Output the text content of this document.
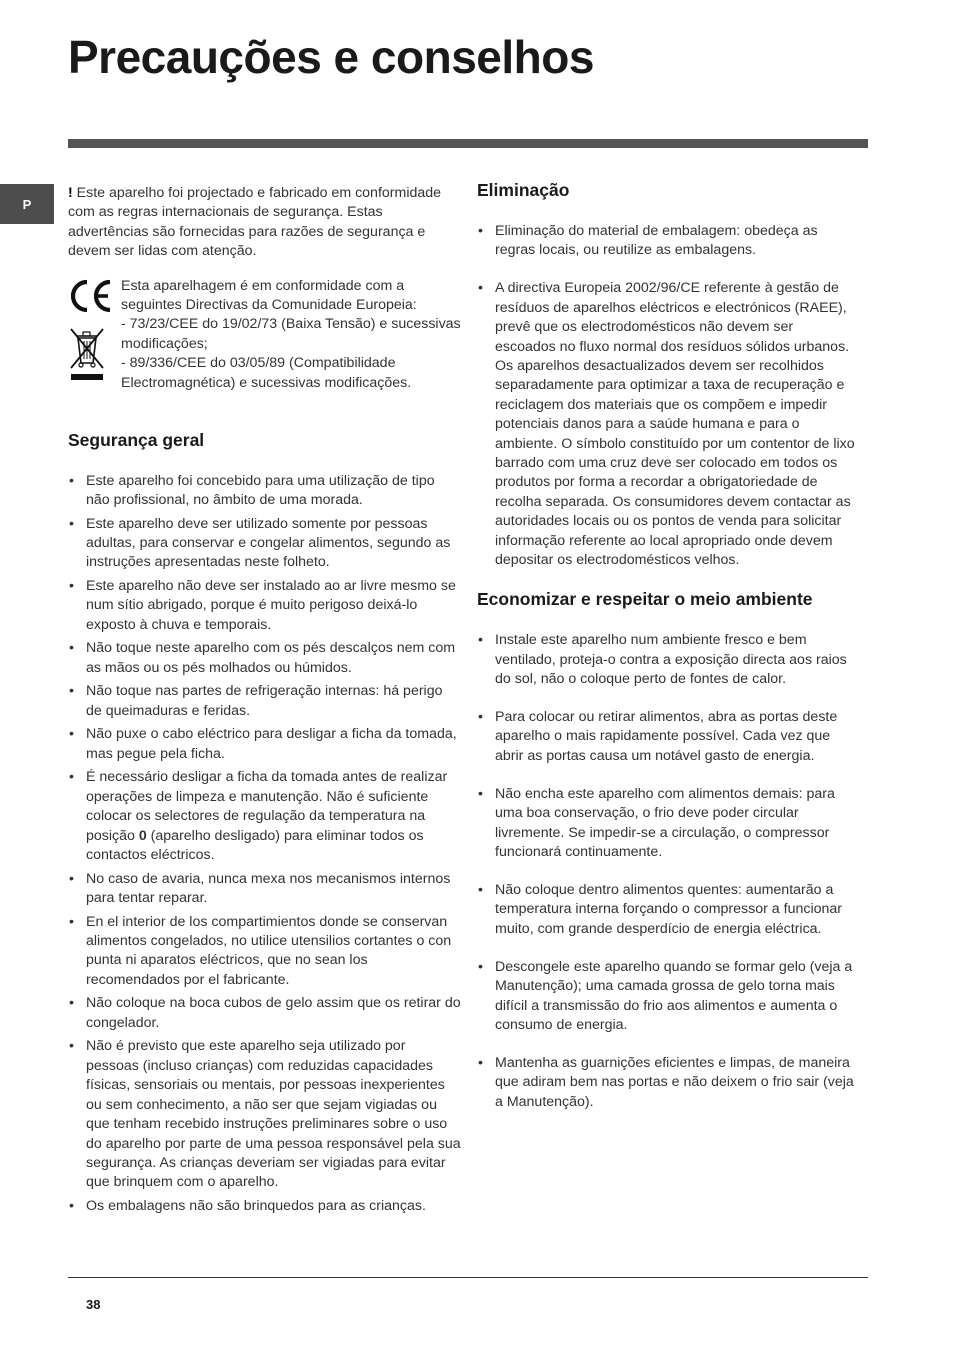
Precauções e conselhos
P

! Este aparelho foi projectado e fabricado em conformidade com as regras internacionais de segurança. Estas advertências são fornecidas para razões de segurança e devem ser lidas com atenção.

Esta aparelhagem é em conformidade com a seguintes Directivas da Comunidade Europeia:

- 73/23/CEE do 19/02/73 (Baixa Tensão) e sucessivas modificações;

- 89/336/CEE do 03/05/89 (Compatibilidade Electromagnética) e sucessivas modificações.

Segurança geral
• Este aparelho foi concebido para uma utilização de tipo não profissional, no âmbito de uma morada.
• Este aparelho deve ser utilizado somente por pessoas adultas, para conservar e congelar alimentos, segundo as instruções apresentadas neste folheto.
• Este aparelho não deve ser instalado ao ar livre mesmo se num sítio abrigado, porque é muito perigoso deixá-lo exposto à chuva e temporais.
• Não toque neste aparelho com os pés descalços nem com as mãos ou os pés molhados ou húmidos.
• Não toque nas partes de refrigeração internas: há perigo de queimaduras e feridas.
• Não puxe o cabo eléctrico para desligar a ficha da tomada, mas pegue pela ficha.
• É necessário desligar a ficha da tomada antes de realizar operações de limpeza e manutenção. Não é suficiente colocar os selectores de regulação da temperatura na posição 0 (aparelho desligado) para eliminar todos os contactos eléctricos.
• No caso de avaria, nunca mexa nos mecanismos internos para tentar reparar.
• En el interior de los compartimientos donde se conservan alimentos congelados, no utilice utensilios cortantes o con punta ni aparatos eléctricos, que no sean los recomendados por el fabricante.
• Não coloque na boca cubos de gelo assim que os retirar do congelador.
• Não é previsto que este aparelho seja utilizado por pessoas (incluso crianças) com reduzidas capacidades físicas, sensoriais ou mentais, por pessoas inexperientes ou sem conhecimento, a não ser que sejam vigiadas ou que tenham recebido instruções preliminares sobre o uso do aparelho por parte de uma pessoa responsável pela sua segurança. As crianças deveriam ser vigiadas para evitar que brinquem com o aparelho.
• Os embalagens não são brinquedos para as crianças.
Eliminação
• Eliminação do material de embalagem: obedeça as regras locais, ou reutilize as embalagens.
• A directiva Europeia 2002/96/CE referente à gestão de resíduos de aparelhos eléctricos e electrónicos (RAEE), prevê que os electrodomésticos não devem ser escoados no fluxo normal dos resíduos sólidos urbanos. Os aparelhos desactualizados devem ser recolhidos separadamente para optimizar a taxa de recuperação e reciclagem dos materiais que os compõem e impedir potenciais danos para a saúde humana e para o ambiente. O símbolo constituído por um contentor de lixo barrado com uma cruz deve ser colocado em todos os produtos por forma a recordar a obrigatoriedade de recolha separada. Os consumidores devem contactar as autoridades locais ou os pontos de venda para solicitar informação referente ao local apropriado onde devem depositar os electrodomésticos velhos.
Economizar e respeitar o meio ambiente
• Instale este aparelho num ambiente fresco e bem ventilado, proteja-o contra a exposição directa aos raios do sol, não o coloque perto de fontes de calor.
• Para colocar ou retirar alimentos, abra as portas deste aparelho o mais rapidamente possível. Cada vez que abrir as portas causa um notável gasto de energia.
• Não encha este aparelho com alimentos demais: para uma boa conservação, o frio deve poder circular livremente. Se impedir-se a circulação, o compressor funcionará continuamente.
• Não coloque dentro alimentos quentes: aumentarão a temperatura interna forçando o compressor a funcionar muito, com grande desperdício de energia eléctrica.
• Descongele este aparelho quando se formar gelo (veja a Manutenção); uma camada grossa de gelo torna mais difícil a transmissão do frio aos alimentos e aumenta o consumo de energia.
• Mantenha as guarnições eficientes e limpas, de maneira que adiram bem nas portas e não deixem o frio sair (veja a Manutenção).
38
